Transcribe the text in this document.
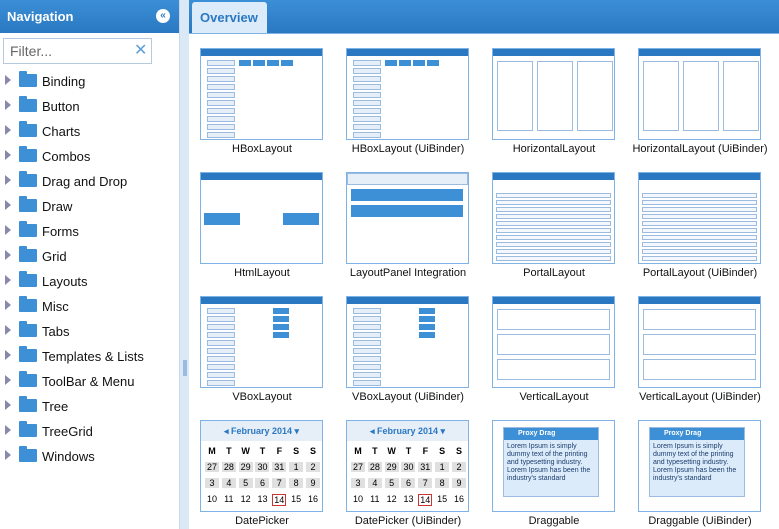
Navigation	«
Filter...
✕
Binding
Button
Charts
Combos
Drag and Drop
Draw
Forms
Grid
Layouts
Misc
Tabs
Templates & Lists
ToolBar & Menu
Tree
TreeGrid
Windows
Overview
HBoxLayout	HBoxLayout (UiBinder)	HorizontalLayout	HorizontalLayout (UiBinder)
HtmlLayout	LayoutPanel Integration	PortalLayout	PortalLayout (UiBinder)
VBoxLayout	VBoxLayout (UiBinder)	VerticalLayout	VerticalLayout (UiBinder)
◂ February 2014 ▾
M	T	W	T	F	S	S
27 28 29 30 31	1	2
3	4	5	6	7	8	9
10 11 12 13 14 15 16
DatePicker
◂ February 2014 ▾
M	T	W	T	F	S	S
27 28 29 30 31	1	2
3	4	5	6	7	8	9
10 11 12 13 14 15 16
DatePicker (UiBinder)
Proxy Drag
Lorem Ipsum is simply dummy text of the printing and typesetting industry. Lorem Ipsum has been the industry's standard
Draggable
Proxy Drag
Lorem Ipsum is simply dummy text of the printing and typesetting industry. Lorem Ipsum has been the industry's standard
Draggable (UiBinder)
